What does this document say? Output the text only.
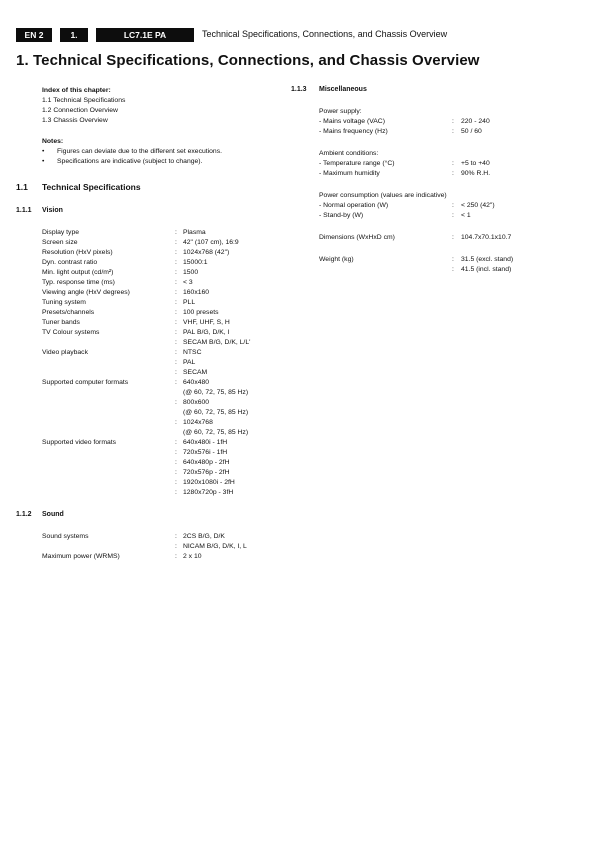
EN 2	1.	LC7.1E PA	Technical Specifications, Connections, and Chassis Overview
1. Technical Specifications, Connections, and Chassis Overview
Index of this chapter:
1.1 Technical Specifications
1.2 Connection Overview
1.3 Chassis Overview
Notes:
• Figures can deviate due to the different set executions.
• Specifications are indicative (subject to change).
1.1 Technical Specifications
1.1.1 Vision
Display type	: Plasma
Screen size	: 42" (107 cm), 16:9
Resolution (HxV pixels)	: 1024x768 (42")
Dyn. contrast ratio	: 15000:1
Min. light output (cd/m²)	: 1500
Typ. response time (ms)	: < 3
Viewing angle (HxV degrees)	: 160x160
Tuning system	: PLL
Presets/channels	: 100 presets
Tuner bands	: VHF, UHF, S, H
TV Colour systems	: PAL B/G, D/K, I
: SECAM B/G, D/K, L/L'
Video playback	: NTSC
: PAL
: SECAM
Supported computer formats	: 640x480
(@ 60, 72, 75, 85 Hz)
: 800x600
(@ 60, 72, 75, 85 Hz)
: 1024x768
(@ 60, 72, 75, 85 Hz)
Supported video formats	: 640x480i - 1fH
: 720x576i - 1fH
: 640x480p - 2fH
: 720x576p - 2fH
: 1920x1080i - 2fH
: 1280x720p - 3fH
1.1.2 Sound
Sound systems	: 2CS B/G, D/K
: NICAM B/G, D/K, I, L
Maximum power (WRMS)	: 2 x 10
1.1.3 Miscellaneous
Power supply:
- Mains voltage (VAC)	: 220 - 240
- Mains frequency (Hz)	: 50 / 60
Ambient conditions:
- Temperature range (°C)	: +5 to +40
- Maximum humidity	: 90% R.H.
Power consumption (values are indicative)
- Normal operation (W)	: < 250 (42")
- Stand-by (W)	: < 1
Dimensions (WxHxD cm)	: 104.7x70.1x10.7
Weight (kg)	: 31.5 (excl. stand)
: 41.5 (incl. stand)
